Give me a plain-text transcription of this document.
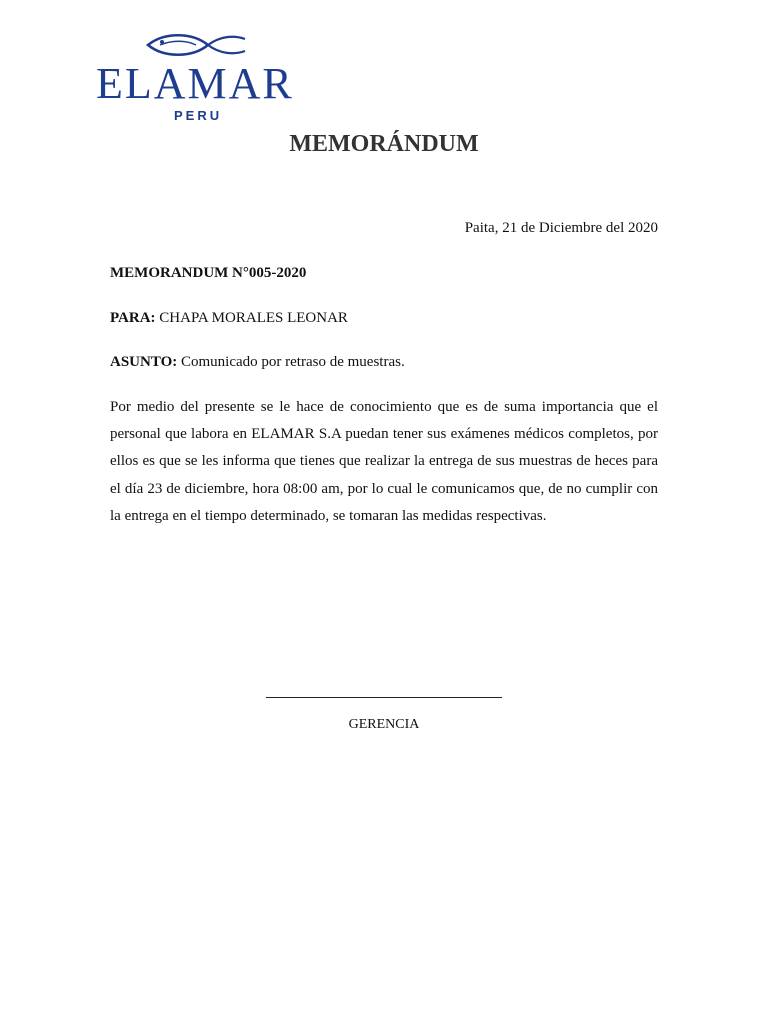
ELAMAR
PERU
MEMORÁNDUM
Paita, 21 de Diciembre del 2020
MEMORANDUM N°005-2020
PARA: CHAPA MORALES LEONAR
ASUNTO: Comunicado por retraso de muestras.

Por medio del presente se le hace de conocimiento que es de suma importancia que el personal que labora en ELAMAR S.A puedan tener sus exámenes médicos completos, por ellos es que se les informa que tienes que realizar la entrega de sus muestras de heces para el día 23 de diciembre, hora 08:00 am, por lo cual le comunicamos que, de no cumplir con la entrega en el tiempo determinado, se tomaran las medidas respectivas.

GERENCIA
